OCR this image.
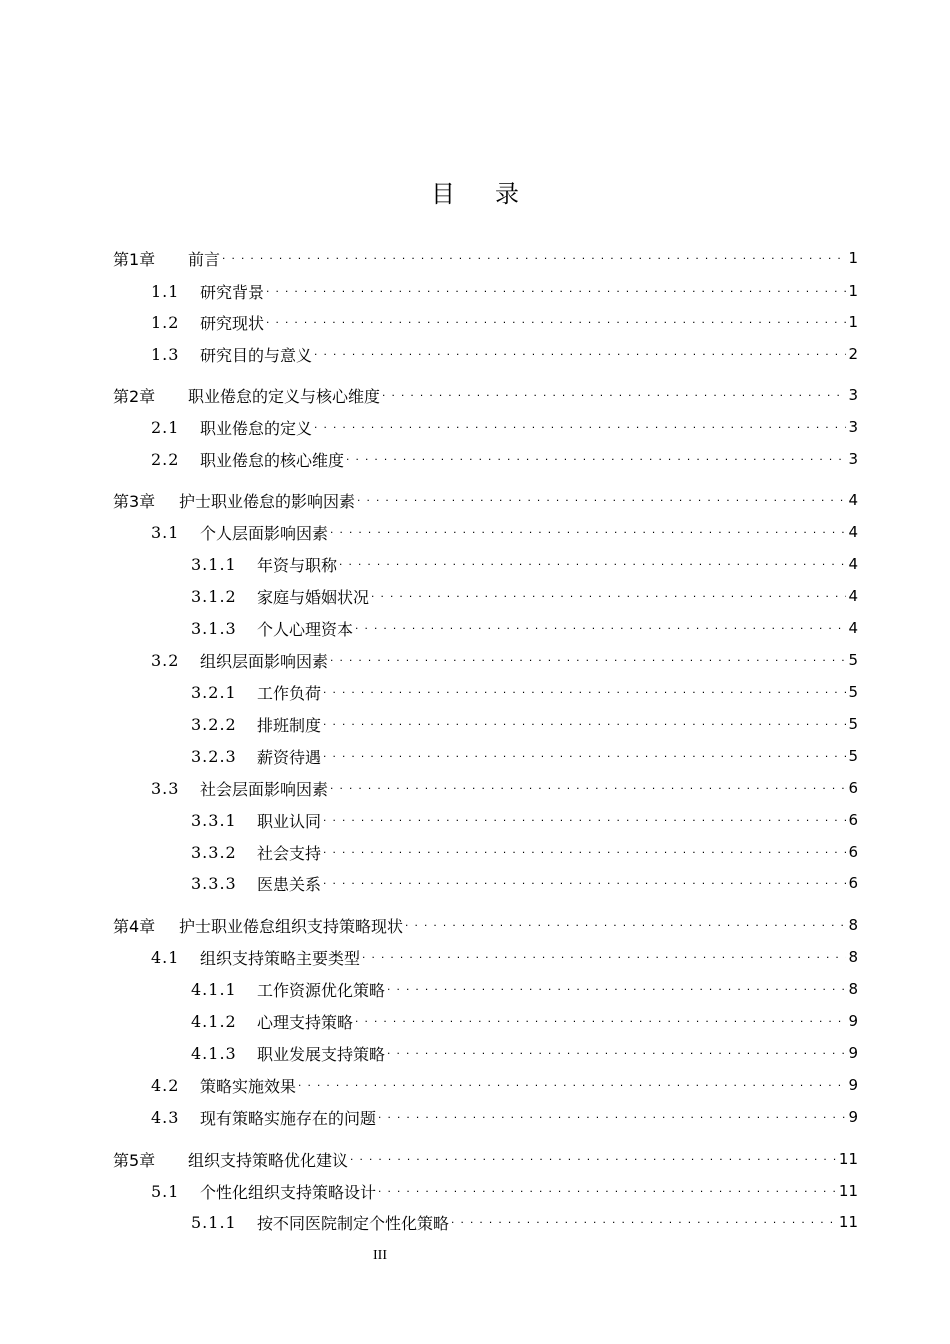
目录
第1章	前言 . . .	1
1.1	研究背景 . . .	1
1.2	研究现状 . . .	1
1.3	研究目的与意义 . . .	2
第2章	职业倦怠的定义与核心维度 . . .	3
2.1	职业倦怠的定义 . . .	3
2.2	职业倦怠的核心维度 . . .	3
第3章	护士职业倦怠的影响因素 . . .	4
3.1	个人层面影响因素 . . .	4
3.1.1	年资与职称 . . .	4
3.1.2	家庭与婚姻状况 . . .	4
3.1.3	个人心理资本 . . .	4
3.2	组织层面影响因素 . . .	5
3.2.1	工作负荷 . . .	5
3.2.2	排班制度 . . .	5
3.2.3	薪资待遇 . . .	5
3.3	社会层面影响因素 . . .	6
3.3.1	职业认同 . . .	6
3.3.2	社会支持 . . .	6
3.3.3	医患关系 . . .	6
第4章	护士职业倦怠组织支持策略现状 . . .	8
4.1	组织支持策略主要类型 . . .	8
4.1.1	工作资源优化策略 . . .	8
4.1.2	心理支持策略 . . .	9
4.1.3	职业发展支持策略 . . .	9
4.2	策略实施效果 . . .	9
4.3	现有策略实施存在的问题 . . .	9
第5章	组织支持策略优化建议 . . .	11
5.1	个性化组织支持策略设计 . . .	11
5.1.1	按不同医院制定个性化策略 . . .	11
III
